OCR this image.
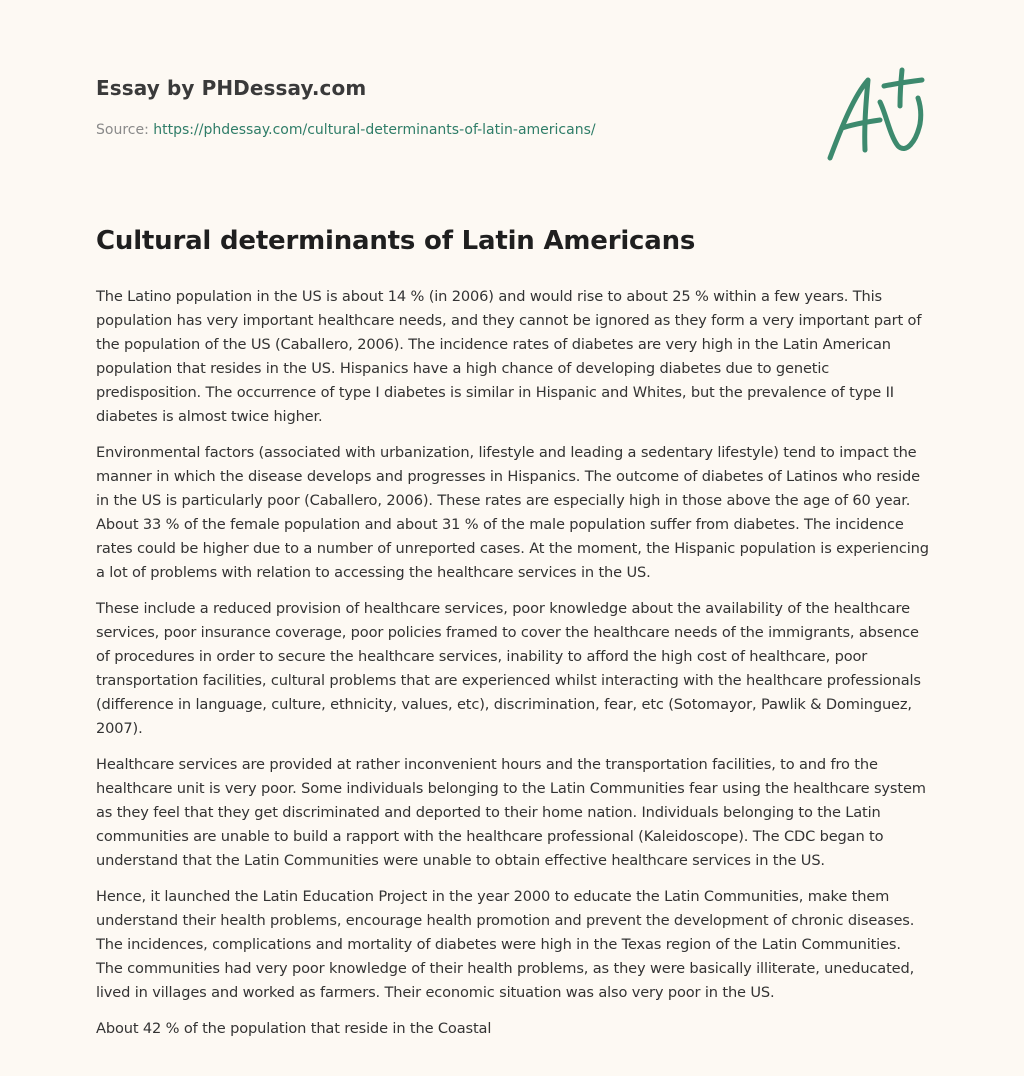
Essay by PHDessay.com
Source: https://phdessay.com/cultural-determinants-of-latin-americans/
Cultural determinants of Latin Americans

The Latino population in the US is about 14 % (in 2006) and would rise to about 25 % within a few years. This population has very important healthcare needs, and they cannot be ignored as they form a very important part of the population of the US (Caballero, 2006). The incidence rates of diabetes are very high in the Latin American population that resides in the US. Hispanics have a high chance of developing diabetes due to genetic predisposition. The occurrence of type I diabetes is similar in Hispanic and Whites, but the prevalence of type II diabetes is almost twice higher.

Environmental factors (associated with urbanization, lifestyle and leading a sedentary lifestyle) tend to impact the manner in which the disease develops and progresses in Hispanics. The outcome of diabetes of Latinos who reside in the US is particularly poor (Caballero, 2006). These rates are especially high in those above the age of 60 year. About 33 % of the female population and about 31 % of the male population suffer from diabetes. The incidence rates could be higher due to a number of unreported cases. At the moment, the Hispanic population is experiencing a lot of problems with relation to accessing the healthcare services in the US.

These include a reduced provision of healthcare services, poor knowledge about the availability of the healthcare services, poor insurance coverage, poor policies framed to cover the healthcare needs of the immigrants, absence of procedures in order to secure the healthcare services, inability to afford the high cost of healthcare, poor transportation facilities, cultural problems that are experienced whilst interacting with the healthcare professionals (difference in language, culture, ethnicity, values, etc), discrimination, fear, etc (Sotomayor, Pawlik & Dominguez, 2007).

Healthcare services are provided at rather inconvenient hours and the transportation facilities, to and fro the healthcare unit is very poor. Some individuals belonging to the Latin Communities fear using the healthcare system as they feel that they get discriminated and deported to their home nation. Individuals belonging to the Latin communities are unable to build a rapport with the healthcare professional (Kaleidoscope). The CDC began to understand that the Latin Communities were unable to obtain effective healthcare services in the US.

Hence, it launched the Latin Education Project in the year 2000 to educate the Latin Communities, make them understand their health problems, encourage health promotion and prevent the development of chronic diseases. The incidences, complications and mortality of diabetes were high in the Texas region of the Latin Communities. The communities had very poor knowledge of their health problems, as they were basically illiterate, uneducated, lived in villages and worked as farmers. Their economic situation was also very poor in the US.

About 42 % of the population that reside in the Coastal
